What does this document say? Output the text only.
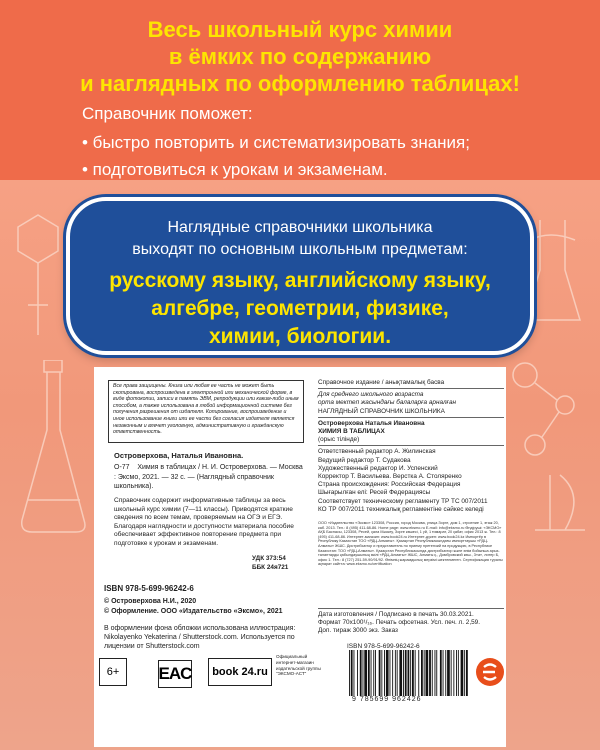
Весь школьный курс химии
в ёмких по содержанию
и наглядных по оформлению таблицах!
Справочник поможет:
• быстро повторить и систематизировать знания;
• подготовиться к урокам и экзаменам.
Наглядные справочники школьника
выходят по основным школьным предметам:
русскому языку, английскому языку,
алгебре, геометрии, физике,
химии, биологии.
Все права защищены. Книга или любая ее часть не может быть скопирована, воспроизведена в электронной или механической форме, в виде фотокопии, записи в память ЭВМ, репродукции или каким-либо иным способом, а также использована в любой информационной системе без получения разрешения от издателя. Копирование, воспроизведение и иное использование книги или ее части без согласия издателя является незаконным и влечет уголовную, административную и гражданскую ответственность.
Островерхова, Наталья Ивановна.
О-77 Химия в таблицах / Н. И. Островерхова. — Москва : Эксмо, 2021. — 32 с. — (Наглядный справочник школьника).
Справочник содержит информативные таблицы за весь школьный курс химии (7—11 классы). Приводятся краткие сведения по всем темам, проверяемым на ОГЭ и ЕГЭ. Благодаря наглядности и доступности материала пособие обеспечивает эффективное повторение предмета при подготовке к урокам и экзаменам.
УДК 373:54
ББК 24я721
ISBN 978-5-699-96242-6
© Островерхова Н.И., 2020
© Оформление. ООО «Издательство «Эксмо», 2021
В оформлении фона обложки использована иллюстрация: Nikolayenko Yekaterina / Shutterstock.com. Используется по лицензии от Shutterstock.com
Справочное издание / анықтамалық басва
Для среднего школьного возраста
орта мектеп жасындағы балаларға арналған
НАГЛЯДНЫЙ СПРАВОЧНИК ШКОЛЬНИКА
Островерхова Наталья Ивановна
ХИМИЯ В ТАБЛИЦАХ
(орыс тілінде)
Ответственный редактор А. Жилинская
Ведущий редактор Т. Судакова
Художественный редактор И. Успенский
Корректор Т. Васильева. Верстка А. Столяренко
Страна происхождения: Российская Федерация
Шығарылған елі: Ресей Федерациясы
Соответствует техническому регламенту ТР ТС 007/2011
КО ТР 007/2011 техникалық регламентіне сәйкес келеді
ООО «Издательство «Эксмо» 123308, Россия, город Москва, улица Зорге, дом 1, строение 1, этаж 20, каб. 2013. Тел.: 8 (495) 411-68-86. Home page: www.eksmo.ru E-mail: info@eksmo.ru Өндіруші: «ЭКСМО» АҚБ Баспасы, 123308, Ресей, қала Мәскеу, Зорге көшесі, 1 үй, 1 ғимарат, 20 қабат, офис 2013 ж. Тел.: 8 (495) 411-68-86. Интернет-магазин: www.book24.ru Интернет-дүкен: www.book24.kz Импортёр в Республику Казахстан ТОО «РДЦ-Алматы». Қазақстан Республикасындағы импорттаушы «РДЦ-Алматы» ЖШС. Дистрибьютор и представитель по приему претензий на продукцию, в Республике Казахстан: ТОО «РДЦ-Алматы». Қазақстан Республикасында дистрибьютор және өнім бойынша арыз-талаптарды қабылдаушының өкілі «РДЦ-Алматы» ЖШС, Алматы қ., Домбровский көш., 3«а», литер Б, офис 1. Тел.: 8 (727) 251-59-90/91/92. Өнімнің жарамдылық мерзімі шектелмеген. Сертификация туралы ақпарат сайтта: www.eksmo.ru/certification
Дата изготовления / Подписано в печать 30.03.2021.
Формат 70x100¹/₁₆. Печать офсетная. Усл. печ. л. 2,59.
Доп. тираж 3000 экз. Заказ
6+	EAC	book 24.ru
Официальный интернет-магазин издательской группы "ЭКСМО-АСТ"
ISBN 978-5-699-96242-6
9 785699 962426
